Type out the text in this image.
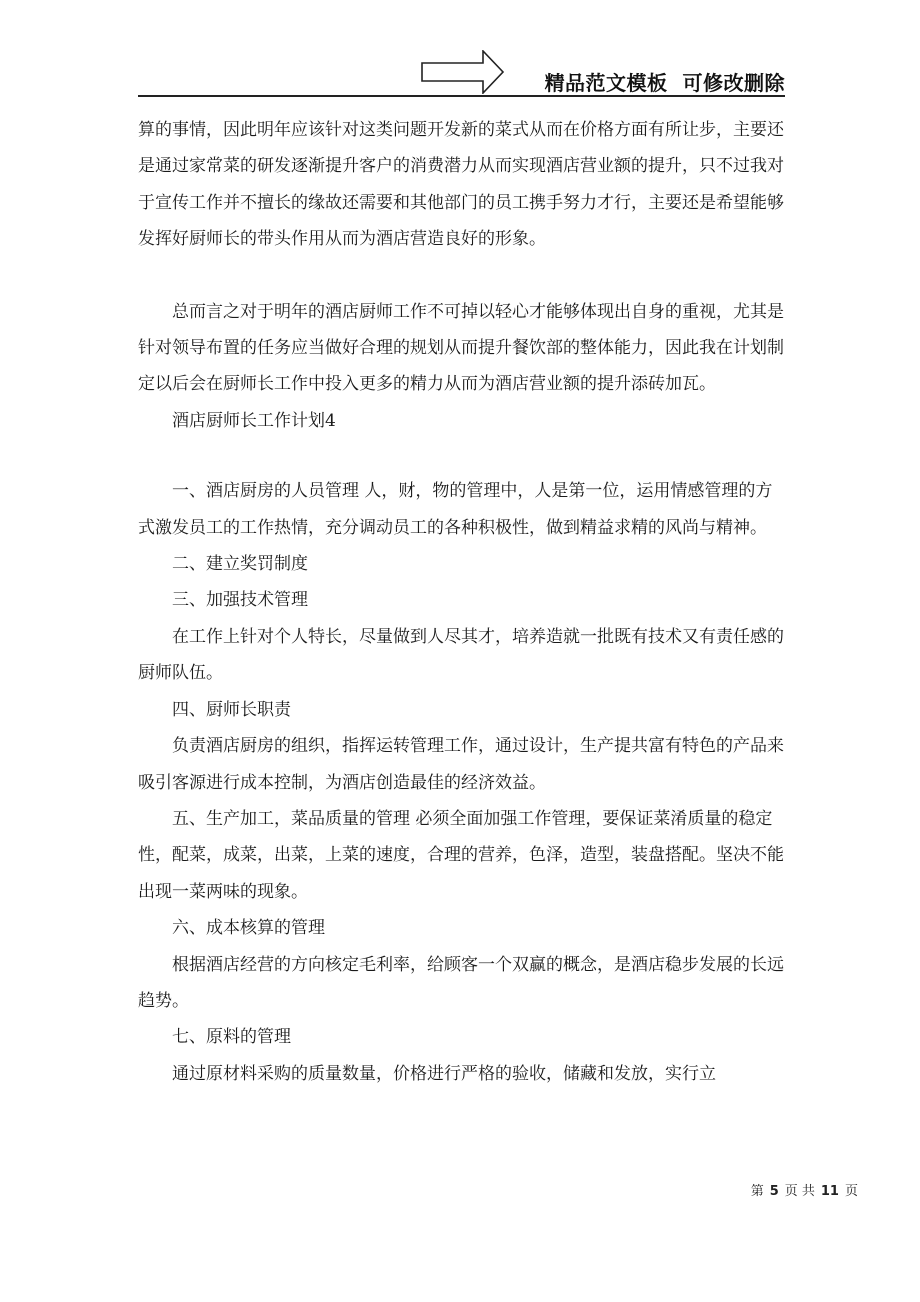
精品范文模板  可修改删除

算的事情，因此明年应该针对这类问题开发新的菜式从而在价格方面有所让步，主要还是通过家常菜的研发逐渐提升客户的消费潜力从而实现酒店营业额的提升，只不过我对于宣传工作并不擅长的缘故还需要和其他部门的员工携手努力才行，主要还是希望能够发挥好厨师长的带头作用从而为酒店营造良好的形象。

总而言之对于明年的酒店厨师工作不可掉以轻心才能够体现出自身的重视，尤其是针对领导布置的任务应当做好合理的规划从而提升餐饮部的整体能力，因此我在计划制定以后会在厨师长工作中投入更多的精力从而为酒店营业额的提升添砖加瓦。

酒店厨师长工作计划4

一、酒店厨房的人员管理 人，财，物的管理中，人是第一位，运用情感管理的方式激发员工的工作热情，充分调动员工的各种积极性，做到精益求精的风尚与精神。

二、建立奖罚制度

三、加强技术管理

在工作上针对个人特长，尽量做到人尽其才，培养造就一批既有技术又有责任感的厨师队伍。

四、厨师长职责

负责酒店厨房的组织，指挥运转管理工作，通过设计，生产提共富有特色的产品来吸引客源进行成本控制，为酒店创造最佳的经济效益。

五、生产加工，菜品质量的管理 必须全面加强工作管理，要保证菜淆质量的稳定性，配菜，成菜，出菜，上菜的速度，合理的营养，色泽，造型，装盘搭配。坚决不能出现一菜两味的现象。

六、成本核算的管理

根据酒店经营的方向核定毛利率，给顾客一个双赢的概念，是酒店稳步发展的长远趋势。

七、原料的管理

通过原材料采购的质量数量，价格进行严格的验收，储藏和发放，实行立

第 5 页 共 11 页
